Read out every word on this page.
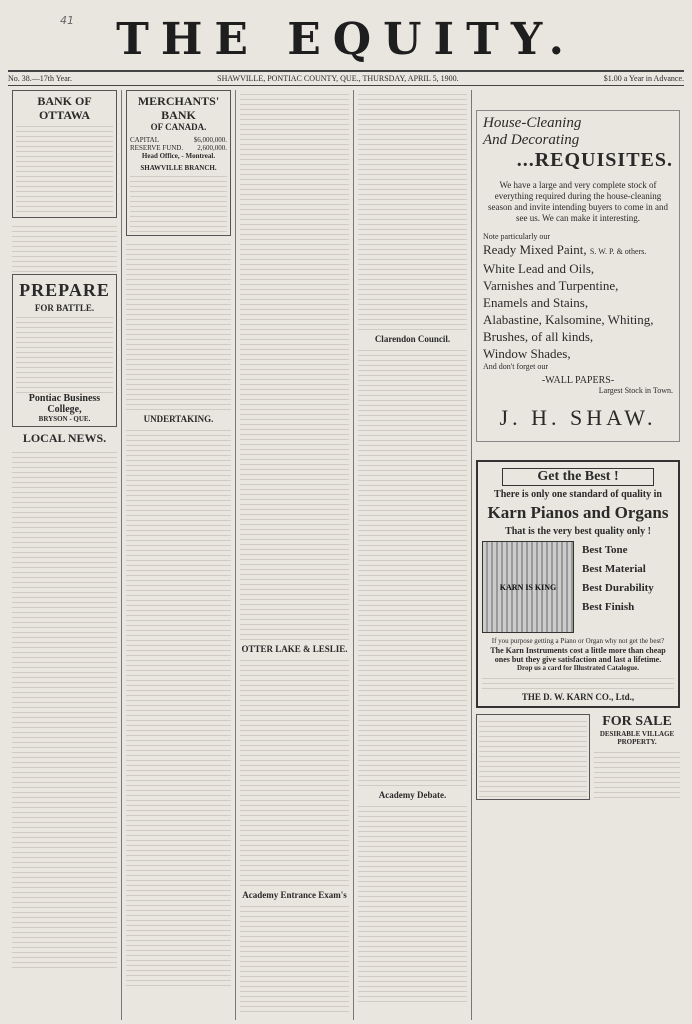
41 THE EQUITY.
No. 38.—17th Year.	SHAWVILLE, PONTIAC COUNTY, QUE., THURSDAY, APRIL 5, 1900.	$1.00 a Year in Advance.
BANK OF OTTAWA
PREPARE
FOR BATTLE.
Pontiac Business College,
BRYSON - QUE.
LOCAL NEWS.
MERCHANTS' BANK
OF CANADA.
CAPITAL	$6,000,000.
RESERVE FUND. 2,600,000.
Head Office, - Montreal.
SHAWVILLE BRANCH.
UNDERTAKING.
OTTER LAKE & LESLIE.
Academy Entrance Exam's
Clarendon Council.
Academy Debate.
House-Cleaning
And Decorating
...REQUISITES.
We have a large and very complete stock of everything required during the house-cleaning season and invite intending buyers to come in and see us. We can make it interesting.
Note particularly our
Ready Mixed Paint, S. W. P. & others.
White Lead and Oils,
Varnishes and Turpentine,
Enamels and Stains,
Alabastine, Kalsomine, Whiting,
Brushes, of all kinds,
Window Shades,
And don't forget our
-WALL PAPERS-
Largest Stock in Town.
J. H. SHAW.
Get the Best !
There is only one standard of quality in
Karn Pianos and Organs
That is the very best quality only !
KARN IS KING
Best Tone
Best Material
Best Durability
Best Finish
If you purpose getting a Piano or Organ why not get the best?
The Karn Instruments cost a little more than cheap ones but they give satisfaction and last a lifetime.
Drop us a card for Illustrated Catalogue.
THE D. W. KARN CO., Ltd.,
FOR SALE
DESIRABLE VILLAGE PROPERTY.
